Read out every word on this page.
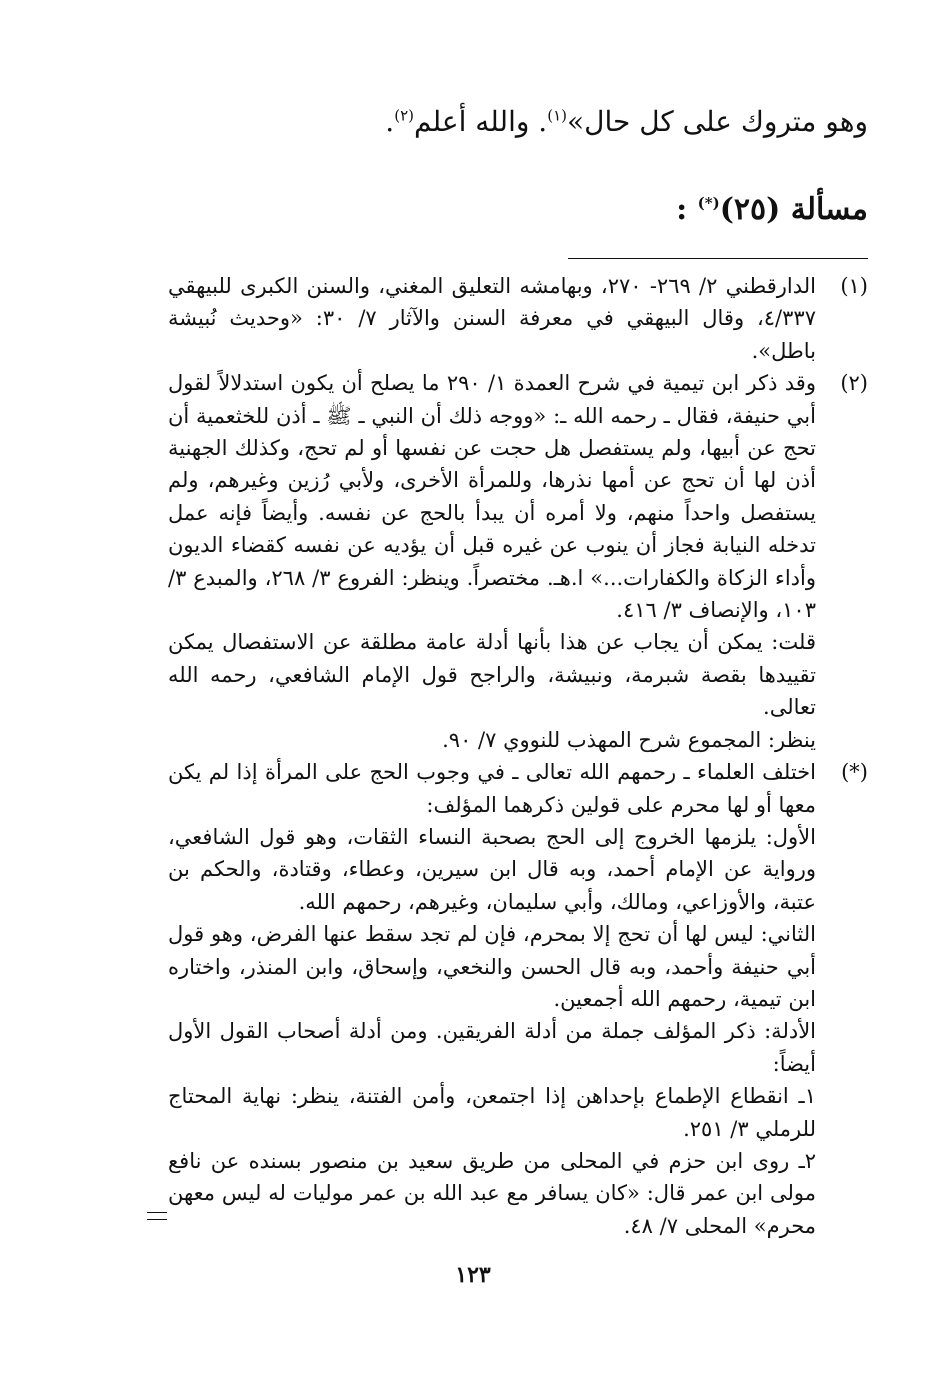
وهو متروك على كل حال»$^{(١)}$. والله أعلم$^{(٢)}$.
مسألة (٢٥)(*) :
(١)

الدارقطني ٢/ ٢٦٩- ٢٧٠، وبهامشه التعليق المغني، والسنن الكبرى للبيهقي ٤/٣٣٧، وقال البيهقي في معرفة السنن والآثار ٧/ ٣٠: «وحديث نُبيشة باطل».

(٢)

وقد ذكر ابن تيمية في شرح العمدة ١/ ٢٩٠ ما يصلح أن يكون استدلالاً لقول أبي حنيفة، فقال ـ رحمه الله ـ: «ووجه ذلك أن النبي ـ ﷺ ـ أذن للخثعمية أن تحج عن أبيها، ولم يستفصل هل حجت عن نفسها أو لم تحج، وكذلك الجهنية أذن لها أن تحج عن أمها نذرها، وللمرأة الأخرى، ولأبي رُزين وغيرهم، ولم يستفصل واحداً منهم، ولا أمره أن يبدأ بالحج عن نفسه. وأيضاً فإنه عمل تدخله النيابة فجاز أن ينوب عن غيره قبل أن يؤديه عن نفسه كقضاء الديون وأداء الزكاة والكفارات...» ا.هـ. مختصراً. وينظر: الفروع ٣/ ٢٦٨، والمبدع ٣/ ١٠٣، والإنصاف ٣/ ٤١٦.

قلت: يمكن أن يجاب عن هذا بأنها أدلة عامة مطلقة عن الاستفصال يمكن تقييدها بقصة شبرمة، ونبيشة، والراجح قول الإمام الشافعي، رحمه الله تعالى.

ينظر: المجموع شرح المهذب للنووي ٧/ ٩٠.

(*)

اختلف العلماء ـ رحمهم الله تعالى ـ في وجوب الحج على المرأة إذا لم يكن معها أو لها محرم على قولين ذكرهما المؤلف:

الأول: يلزمها الخروج إلى الحج بصحبة النساء الثقات، وهو قول الشافعي، ورواية عن الإمام أحمد، وبه قال ابن سيرين، وعطاء، وقتادة، والحكم بن عتبة، والأوزاعي، ومالك، وأبي سليمان، وغيرهم، رحمهم الله.

الثاني: ليس لها أن تحج إلا بمحرم، فإن لم تجد سقط عنها الفرض، وهو قول أبي حنيفة وأحمد، وبه قال الحسن والنخعي، وإسحاق، وابن المنذر، واختاره ابن تيمية، رحمهم الله أجمعين.

الأدلة: ذكر المؤلف جملة من أدلة الفريقين. ومن أدلة أصحاب القول الأول أيضاً:

١ـ انقطاع الإطماع بإحداهن إذا اجتمعن، وأمن الفتنة، ينظر: نهاية المحتاج للرملي ٣/ ٢٥١.

٢ـ روى ابن حزم في المحلى من طريق سعيد بن منصور بسنده عن نافع مولى ابن عمر قال: «كان يسافر مع عبد الله بن عمر موليات له ليس معهن محرم» المحلى ٧/ ٤٨.

١٢٣
